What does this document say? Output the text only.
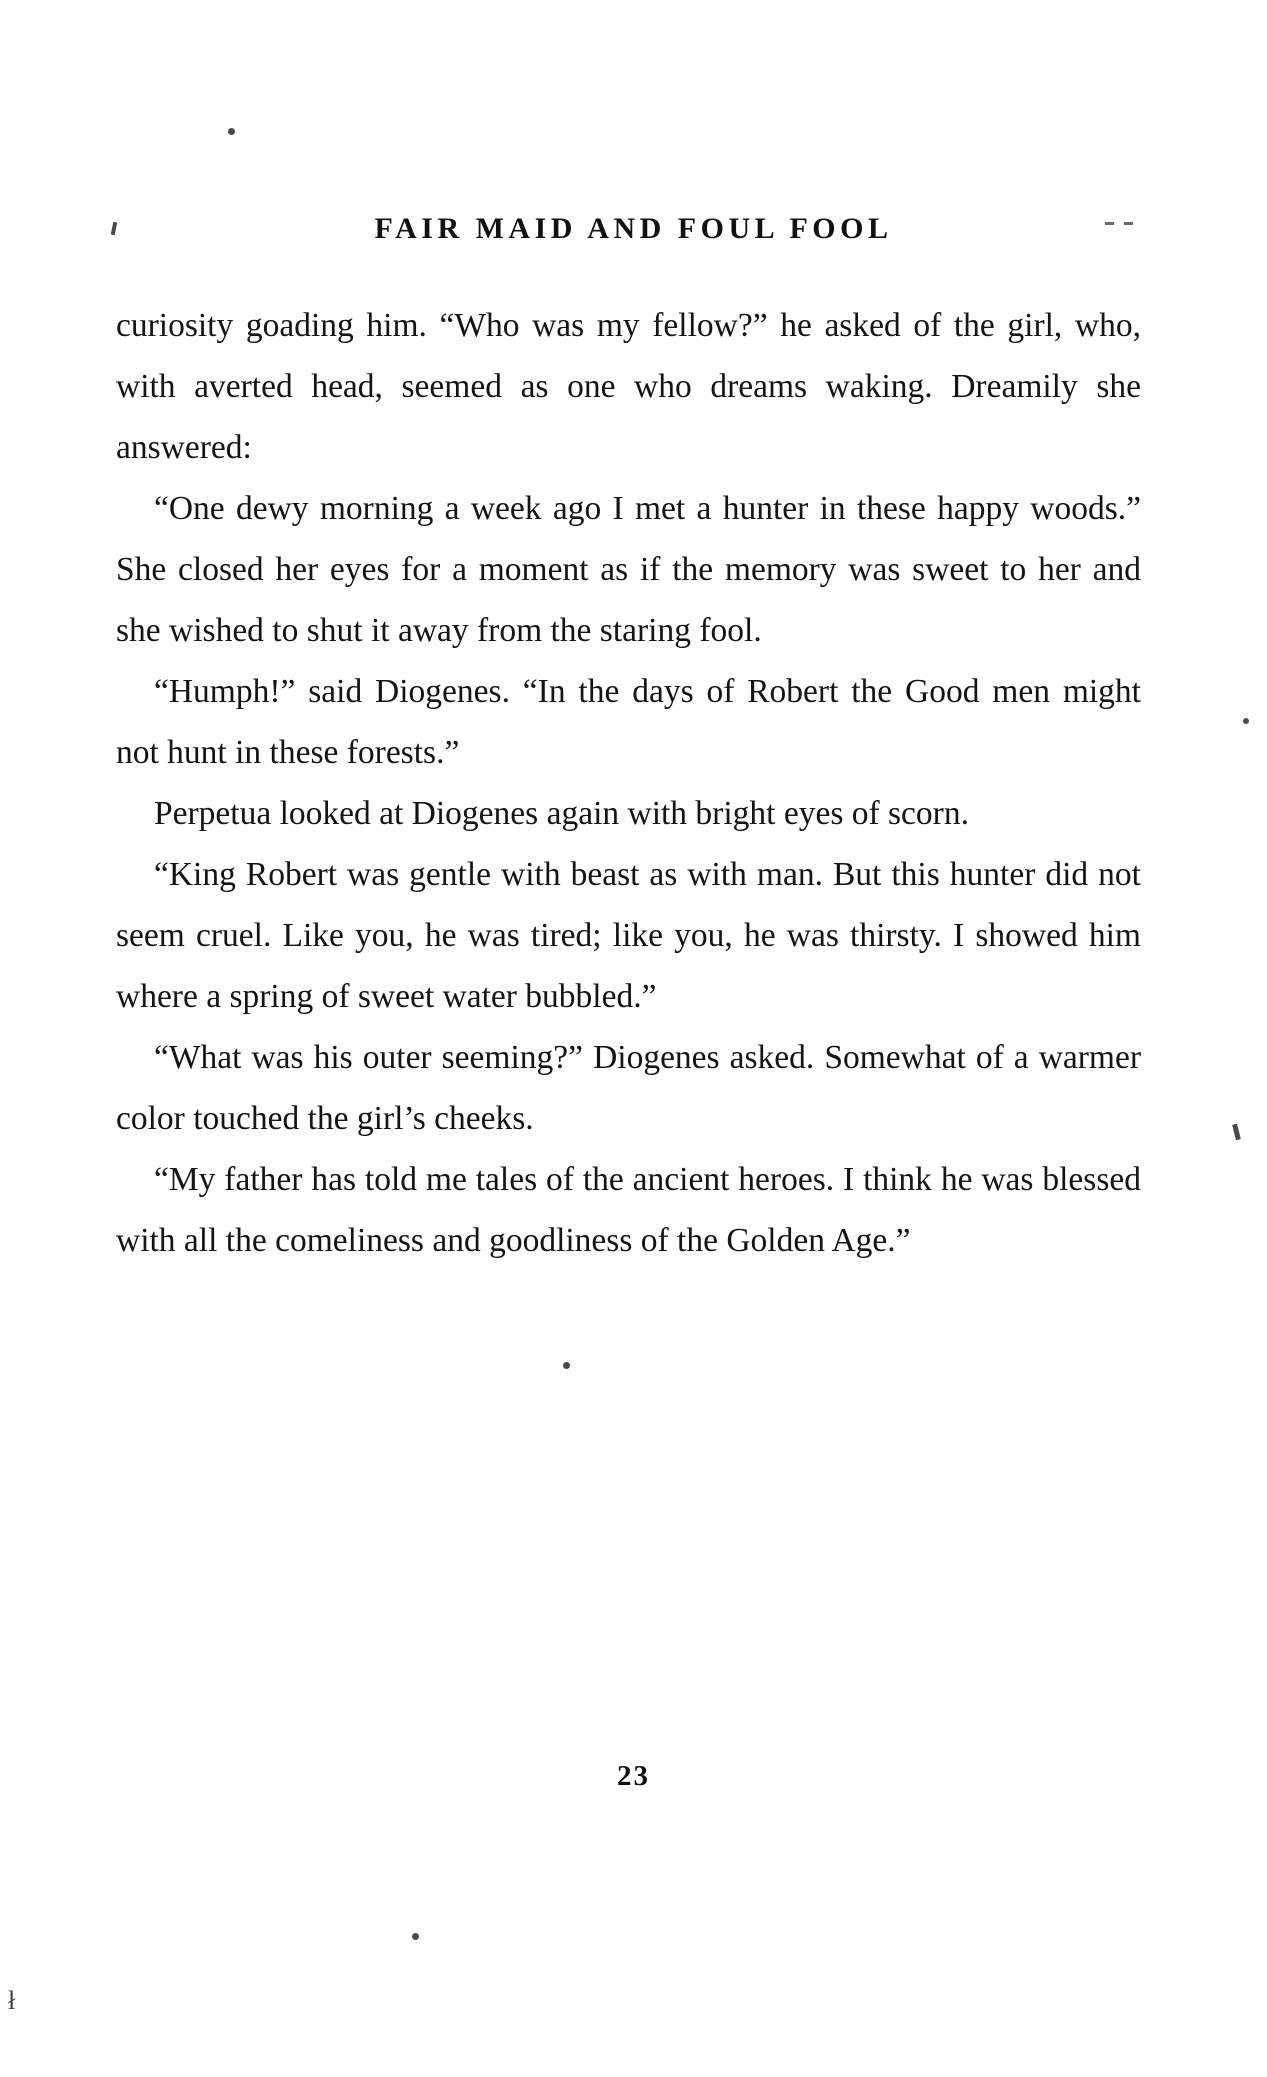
FAIR MAID AND FOUL FOOL

curiosity goading him. “Who was my fellow?” he asked of the girl, who, with averted head, seemed as one who dreams waking. Dreamily she answered:

“One dewy morning a week ago I met a hunter in these happy woods.” She closed her eyes for a moment as if the memory was sweet to her and she wished to shut it away from the staring fool.

“Humph!” said Diogenes. “In the days of Robert the Good men might not hunt in these forests.”

Perpetua looked at Diogenes again with bright eyes of scorn.

“King Robert was gentle with beast as with man. But this hunter did not seem cruel. Like you, he was tired; like you, he was thirsty. I showed him where a spring of sweet water bubbled.”

“What was his outer seeming?” Diogenes asked. Somewhat of a warmer color touched the girl’s cheeks.

“My father has told me tales of the ancient heroes. I think he was blessed with all the comeliness and goodliness of the Golden Age.”

23
ł
